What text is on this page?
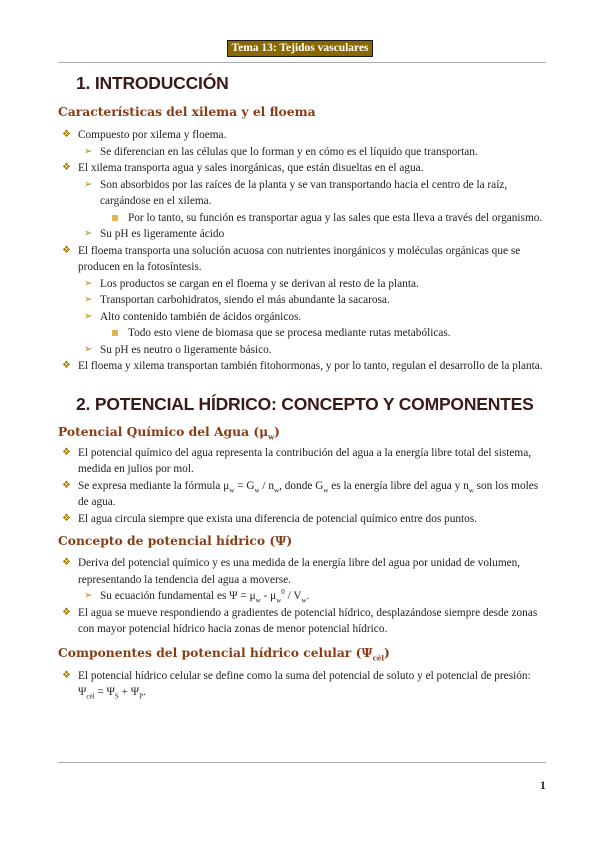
Tema 13: Tejidos vasculares
1. INTRODUCCIÓN
Características del xilema y el floema
❖ Compuesto por xilema y floema.
➢ Se diferencian en las células que lo forman y en cómo es el líquido que transportan.
❖ El xilema transporta agua y sales inorgánicas, que están disueltas en el agua.
➢ Son absorbidos por las raíces de la planta y se van transportando hacia el centro de la raíz, cargándose en el xilema.
Por lo tanto, su función es transportar agua y las sales que esta lleva a través del organismo.
➢ Su pH es ligeramente ácido
❖ El floema transporta una solución acuosa con nutrientes inorgánicos y moléculas orgánicas que se producen en la fotosíntesis.
➢ Los productos se cargan en el floema y se derivan al resto de la planta.
➢ Transportan carbohidratos, siendo el más abundante la sacarosa.
➢ Alto contenido también de ácidos orgánicos.
Todo esto viene de biomasa que se procesa mediante rutas metabólicas.
➢ Su pH es neutro o ligeramente básico.
❖ El floema y xilema transportan también fitohormonas, y por lo tanto, regulan el desarrollo de la planta.
2. POTENCIAL HÍDRICO: CONCEPTO Y COMPONENTES
Potencial Químico del Agua $(\mu_w)$
❖ El potencial químico del agua representa la contribución del agua a la energía libre total del sistema, medida en julios por mol.
❖ Se expresa mediante la fórmula $\mu_w = G_w / n_w$, donde $G_w$ es la energía libre del agua y $n_w$ son los moles de agua.
❖ El agua circula siempre que exista una diferencia de potencial químico entre dos puntos.
Concepto de potencial hídrico (Ψ)
❖ Deriva del potencial químico y es una medida de la energía libre del agua por unidad de volumen, representando la tendencia del agua a moverse.
➢ Su ecuación fundamental es $\Psi = \mu_w - \mu_w^0 / V_w$.
❖ El agua se mueve respondiendo a gradientes de potencial hídrico, desplazándose siempre desde zonas con mayor potencial hídrico hacia zonas de menor potencial hídrico.
Componentes del potencial hídrico celular $(\Psi_{cél})$
❖ El potencial hídrico celular se define como la suma del potencial de soluto y el potencial de presión: $\Psi_{cél} = \Psi_S + \Psi_P$.
1
